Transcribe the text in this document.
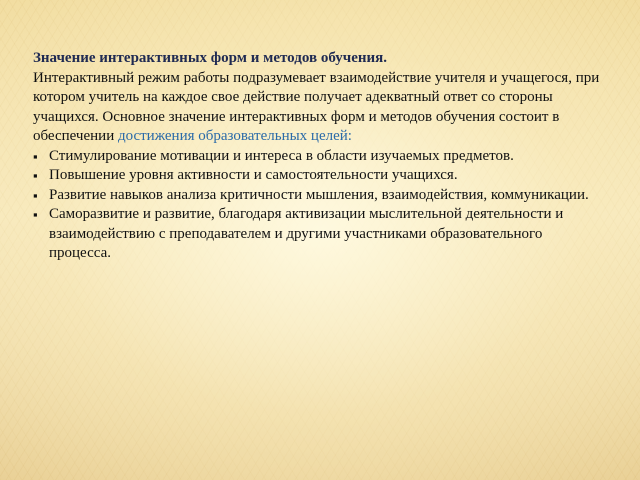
Значение интерактивных форм и методов обучения.

Интерактивный режим работы подразумевает взаимодействие учителя и учащегося, при котором учитель на каждое свое действие получает адекватный ответ со стороны учащихся. Основное значение интерактивных форм и методов обучения состоит в обеспечении достижения образовательных целей:

▪ Стимулирование мотивации и интереса в области изучаемых предметов.
▪ Повышение уровня активности и самостоятельности учащихся.
▪ Развитие навыков анализа критичности мышления, взаимодействия, коммуникации.
▪ Саморазвитие и развитие, благодаря активизации мыслительной деятельности и взаимодействию с преподавателем и другими участниками образовательного процесса.
